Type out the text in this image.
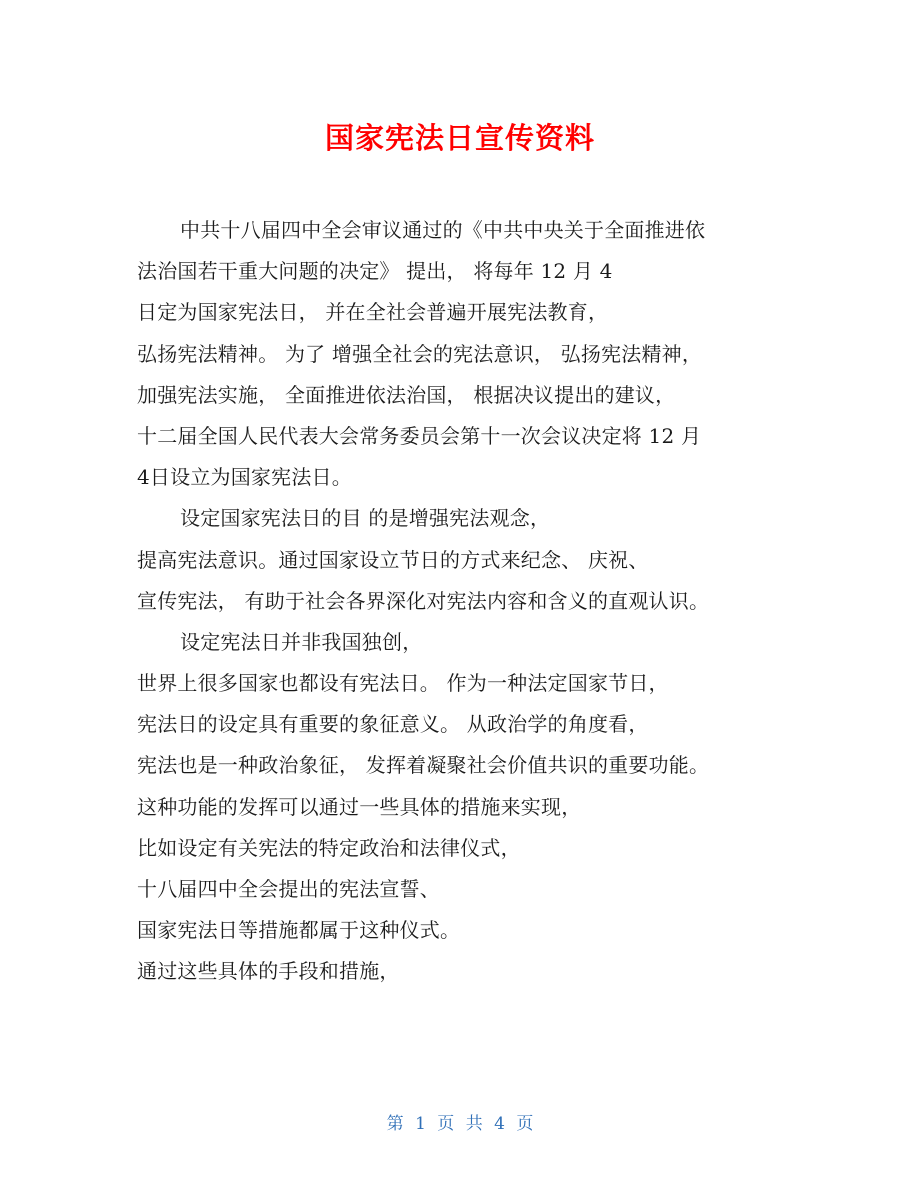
国家宪法日宣传资料
中共十八届四中全会审议通过的《中共中央关于全面推进依
法治国若干重大问题的决定》 提出， 将每年 12 月 4
日定为国家宪法日， 并在全社会普遍开展宪法教育，
弘扬宪法精神。 为了 增强全社会的宪法意识， 弘扬宪法精神，
加强宪法实施， 全面推进依法治国， 根据决议提出的建议，
十二届全国人民代表大会常务委员会第十一次会议决定将 12 月
4日设立为国家宪法日。
设定国家宪法日的目 的是增强宪法观念，
提高宪法意识。通过国家设立节日的方式来纪念、 庆祝、
宣传宪法， 有助于社会各界深化对宪法内容和含义的直观认识。
设定宪法日并非我国独创，
世界上很多国家也都设有宪法日。 作为一种法定国家节日，
宪法日的设定具有重要的象征意义。 从政治学的角度看，
宪法也是一种政治象征， 发挥着凝聚社会价值共识的重要功能。
这种功能的发挥可以通过一些具体的措施来实现，
比如设定有关宪法的特定政治和法律仪式，
十八届四中全会提出的宪法宣誓、
国家宪法日等措施都属于这种仪式。
通过这些具体的手段和措施，
第 1 页 共 4 页
